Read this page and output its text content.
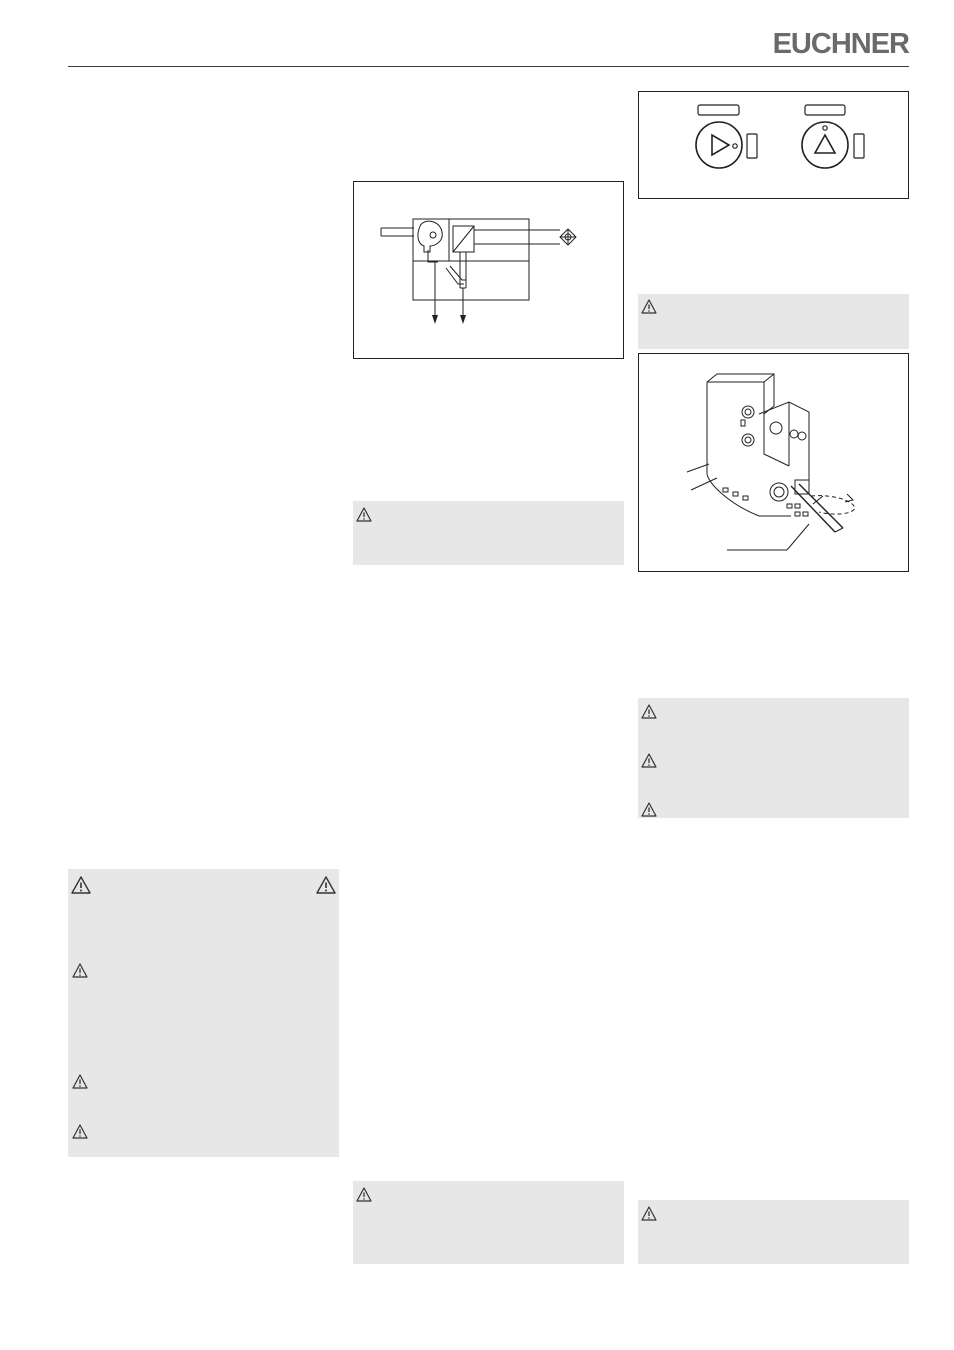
EUCHNER
